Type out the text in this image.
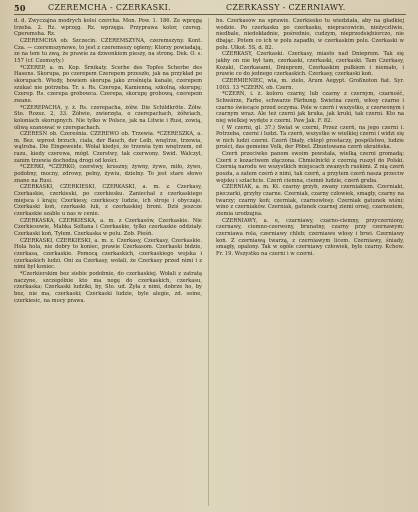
50	CZEREMCHA - CZERKASKI.	CZERKASSY - CZERNIAWY.

d. d. Zwyczajna modrych kolei czercha. Mon. Pow. 1. 186. Ze wpręgą trzeba. 2. Rz. wprzęg. Rz. wprzęga. Przyprawa kolor, czereg. Cperemsha. Rz.

CZEREMCHA ob. Szczecin. CZEREMSZYNA, czeremszyny. Kont. Cza. — czeremszynowe, to jest z czeremsszy ogieny; Ktorzy powiadają, ze na tem tu zwą, że prawie za dzwonkiem pieszy, na stronę. Dek. O. s. 157 (cf. Czemsyty.)

*CZEREP, a. m. Kop. Śrnikaty. Scerbe des Topfes Scherbe des Hasens. Skorupa, po czerepem Czerepem przeszło, jak na przykład po skorupach. Wtedy, bowiem skorupa jako zrośnięta kanale, czerepem szukać nie potrzeba. Tr. s. Rs. Czerepa, Kamienną, szkolną, skorupę; Czerep. Rs. czerepa grobowca. Czerepa, skorupę grobową, czerepem zwane.

*CZEREPACHA, y. ż. Rs. czerepacha, żółw. Die Schildkröte. Żółw. Sto. Rozsz. 2, 33. Żółwie, zwierzęta, o czerepachach, żółwiach, koloniach skorupnych. Nie tylko w Polsce, jak na Litwie i Rusi, zowią, oliwą szanować w czerepachach.

CZEREŚŃ ob. Ćzereśnia. CZEREWO ob. Trzewia. *CZERESZKA, a. m. Bez. wprost brzuch, ciała, der Bauch, der Leib, wnętrze, trzewia, wątroba. Die Eingeweide. Wołał kiedyś, że trzewia tym wnętrzem, od razu, kiedy czerewa, mógł. Czerstwy, tak czerwony. Swid. Walczył, zanim trzewia dochodzą drogi od kości.

*CZERKI, *CZERKO, czerstwy, kruszny, żywny, żywo, miło, żywo, podobny, mocny, zdrowy, pełny, żywiu, dzielny. To jest stare słowo znane na Rusi.

CZERKASKI, CZERKIESKI, CZERKASKI, a. m. z. Czerkasy, Czerkaskie, czerkieski, po czerkiesku. Zaniechał z czerkaskiego miejsca i kraju; Czerkiesy, czerkiescy ludzie, ich stroje i obyczaje. Czerkaski koń, czerkaski łuk, z czerkaskiej broni. Dziś jeszcze czerkaskie szable u nas w cenie.

CZERKASKA, CZERKIESKA, a. m. z Czerkasów, Czerkaskie. Nie Czerkiesowie, Mabka Soltana i Czerkaskie, tylko czerkaskie oddziały. Czerkaski koń, Tyłem. Czerkaska w polu. Zob. Pieśń.

CZERKASKI, CZERKIESKI, a. m. z. Czerkasy, Czerkasy, Czerkaskie. Hola hola, nie dobry to koniec, prawie Czerkasom. Czerkaski bidzie, czerkasa, czerkaskie. Pomocą czerkaskich, czerkaskiego wojska i czerkaskich ludzi. Oni za Czerkasy, wołali, że Czerkasy przed nimi i z nimi był koniec.

*Czerkierskim bez siebie podobnie, do czerkaskiej. Wołali z zatratą naczyne, szczególnie kto ma nogę do czerkaskich, czerkasu, czerkaska; Czerkaski ludziki, by, Sto. ud. Żyła z nimi, dobrze ho, by bez, nie ma, czerkaski; Czerkaski ludzie, byle alegie, zd. seine, czerkiesic, na mocy prawa.

bu. Czerkasów na sprawie. Czerkiesko tu wiedziała, aby na gładkiej wodzie. Po czerkasku po czerkasku, niepracowicie, nieżyczliwie, niedbale, niedokładnie, pośrednio, cudzym, nieprzedsiębiorczo, nie dbając. Potem co ich w polu zapadło, w czerkaskim polu. Czerkaski w polu. Ulkot. 5S, d. 82.

CZERKASY, Czerkaski. Czerkasy, miasto nad Dnieprem. Tak się jakby on nie był tam, czerkaski, czerkaski, czerkaski. Tam Czerkasy, Kozaki, Czerkasami, Dnieprem, Czerkaskim pułkiem i niemało, i prawie co do jednego czerkaskich. Czerkasy, czerkaski koń.

CZERMIENIEC, wia, m. zielo, Arum Aegypt. Großnoton fiat. Syr. 1003. 13 *CZERN. ob. Czern.

*CZERŃ, i. ż. koloru czarny, lub czarny z czernym, czarność, Schwärze, Farbe, schwarze Färbung. Swietna czerń, włosy czarno i czarno świecące przed oczyma. Pole w czerń i wszystko, z czerwonym i czarnym wraz. Ale też czerni jak kruka, jak kruki, tak czerni. Kto na niej wielkiej wydęte z czerni. Paw Jak. F. 82.

( W czerni, gl. 37.) Swiat w czerni, Przez czerń, na jego czerni i. Potrzeba, czerni i ludzi. Ta czerń, wszystko w wielkiej czerni i widzi się w nich ludzi czerni. Czerń (biały, chłop) prostaczy, pospólstwo, ludzie prości, das gemeine Volk, der Pöbel. Zbuntowana czerń ukraińska.

Czerń przeciwko panom swoim powstała, wielką czerni gromadą; Czerń z kozactwem złączona. Chmielnicki z czernią ruszył do Polski. Czernią narodu we wszystkich miejscach zwanych ruskimi. Z nią czerń poszła, a zatem czerń z nimi, tak czerń, a przytem czerń nasza przeciw wojsku i szlachcie. Czerń ciemna, ciemni ludzie, czerń gruba.

CZERNIAK, a. m. Kt. czarny grzyb, zwany czerniakiem. Czerniaki, pieczarki, grzyby czarne. Czerniak, czarny człowiek, smagły, czarny na twarzy; czarny koń; czerniak, czarnowłosy. Czerniak gatunek wiśni; wino z czerniaków. Czerniak, gatunek czarnej ziemi ornej, czarnoziem, ziemia urodzajna.

CZERNIAWY, a. e, czarniawy, czarno-ciemny, przyczerniony, czernawy, ciemno-czerwony, brunatny, czarny przy czernawym; czerniawa rola, czerniawy chleb; czerniawe włosy i brwi. Czerniawy koń. Z czerniawą twarzą, z czerniawym licem. Czerniawy, śniady, smagły, opalony. Tak w ogóle czerniawy człowiek, byle czarny. Kchow. Fr. 19. Wszystko na czerni i w czerni.
